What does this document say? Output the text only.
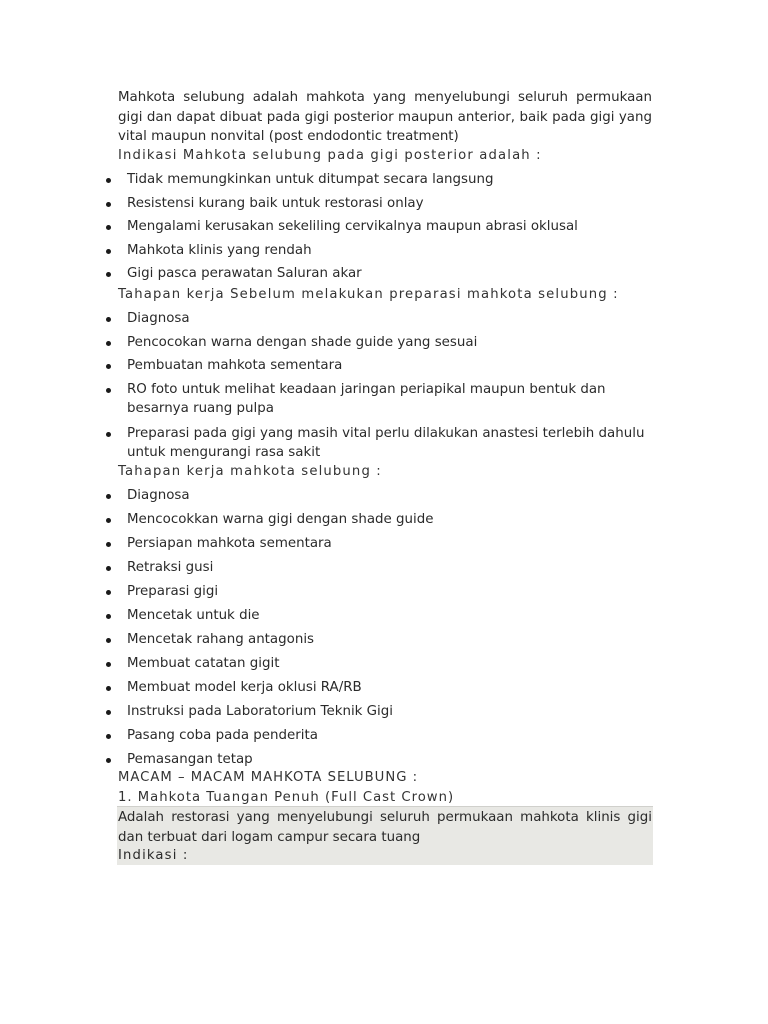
Mahkota selubung adalah mahkota yang menyelubungi seluruh permukaan gigi dan dapat dibuat pada gigi posterior maupun anterior, baik pada gigi yang vital maupun nonvital (post endodontic treatment)

Indikasi Mahkota selubung pada gigi posterior adalah :

Tidak memungkinkan untuk ditumpat secara langsung
Resistensi kurang baik untuk restorasi onlay
Mengalami kerusakan sekeliling cervikalnya maupun abrasi oklusal
Mahkota klinis yang rendah
Gigi pasca perawatan Saluran akar

Tahapan kerja Sebelum melakukan preparasi mahkota selubung :

Diagnosa
Pencocokan warna dengan shade guide yang sesuai
Pembuatan mahkota sementara
RO foto untuk melihat keadaan jaringan periapikal maupun bentuk dan besarnya ruang pulpa
Preparasi pada gigi yang masih vital perlu dilakukan anastesi terlebih dahulu untuk mengurangi rasa sakit

Tahapan kerja mahkota selubung :

Diagnosa
Mencocokkan warna gigi dengan shade guide
Persiapan mahkota sementara
Retraksi gusi
Preparasi gigi
Mencetak untuk die
Mencetak rahang antagonis
Membuat catatan gigit
Membuat model kerja oklusi RA/RB
Instruksi pada Laboratorium Teknik Gigi
Pasang coba pada penderita
Pemasangan tetap

MACAM – MACAM MAHKOTA SELUBUNG :

1. Mahkota Tuangan Penuh (Full Cast Crown)

Adalah restorasi yang menyelubungi seluruh permukaan mahkota klinis gigi dan terbuat dari logam campur secara tuang

Indikasi :
